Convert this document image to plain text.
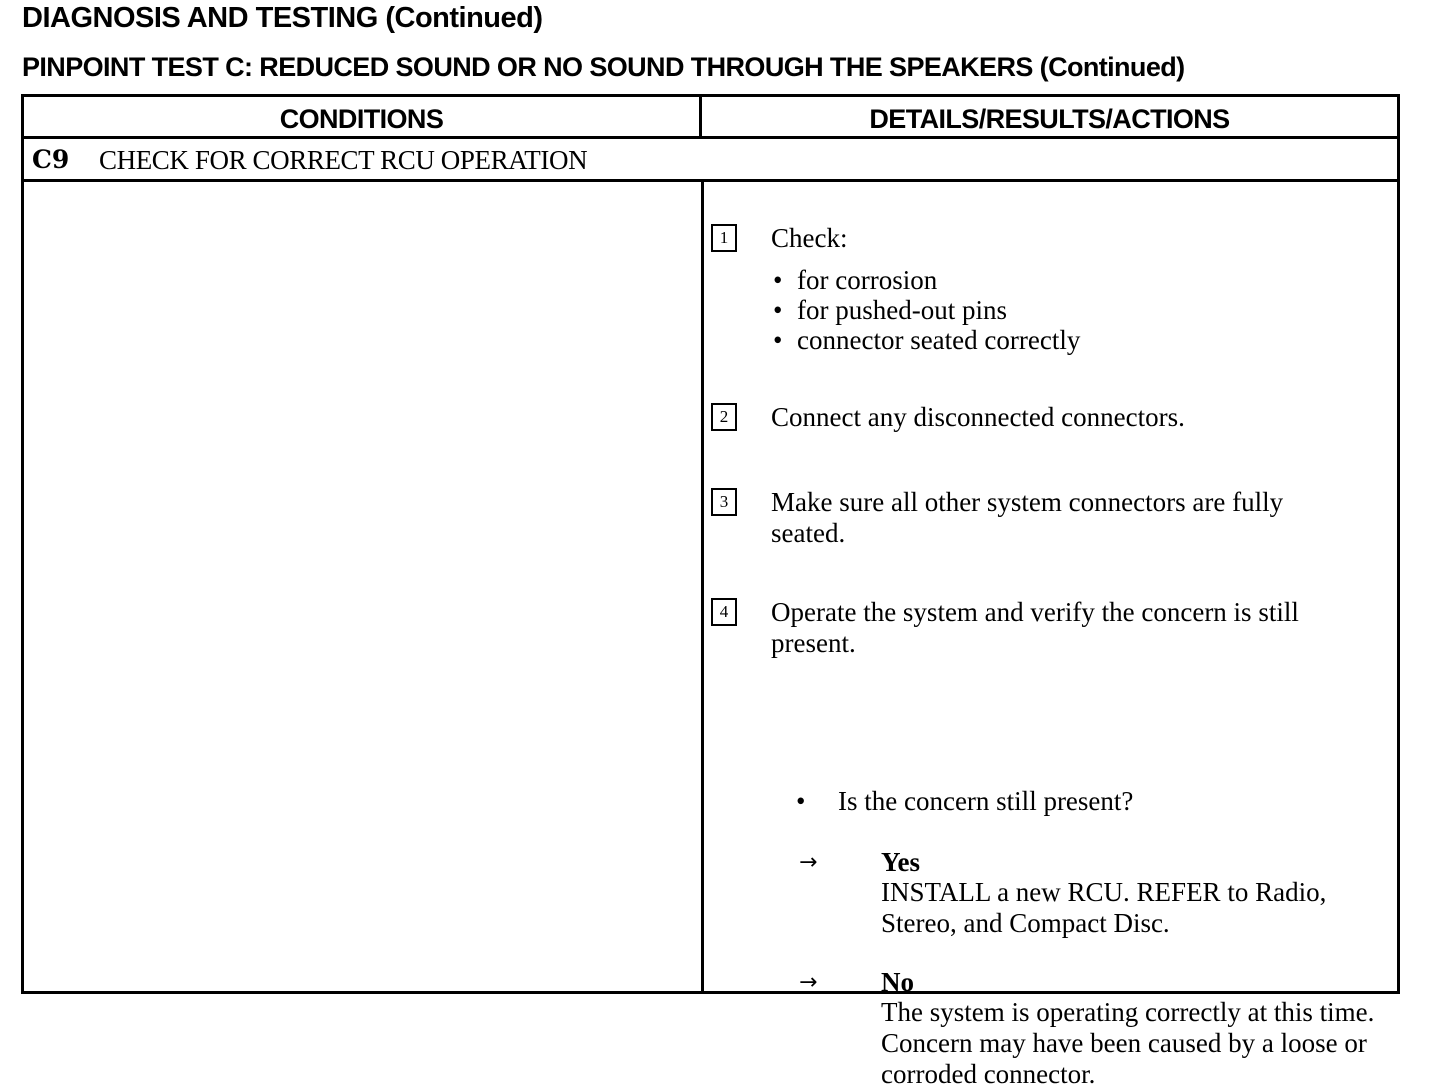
DIAGNOSIS AND TESTING (Continued)
PINPOINT TEST C: REDUCED SOUND OR NO SOUND THROUGH THE SPEAKERS (Continued)
CONDITIONS	DETAILS/RESULTS/ACTIONS
C9 CHECK FOR CORRECT RCU OPERATION
1	Check:
• for corrosion
• for pushed-out pins
• connector seated correctly
2	Connect any disconnected connectors.
3	Make sure all other system connectors are fully seated.
4	Operate the system and verify the concern is still present.
• Is the concern still present?
→ Yes
INSTALL a new RCU. REFER to Radio, Stereo, and Compact Disc.
→ No
The system is operating correctly at this time. Concern may have been caused by a loose or corroded connector.
